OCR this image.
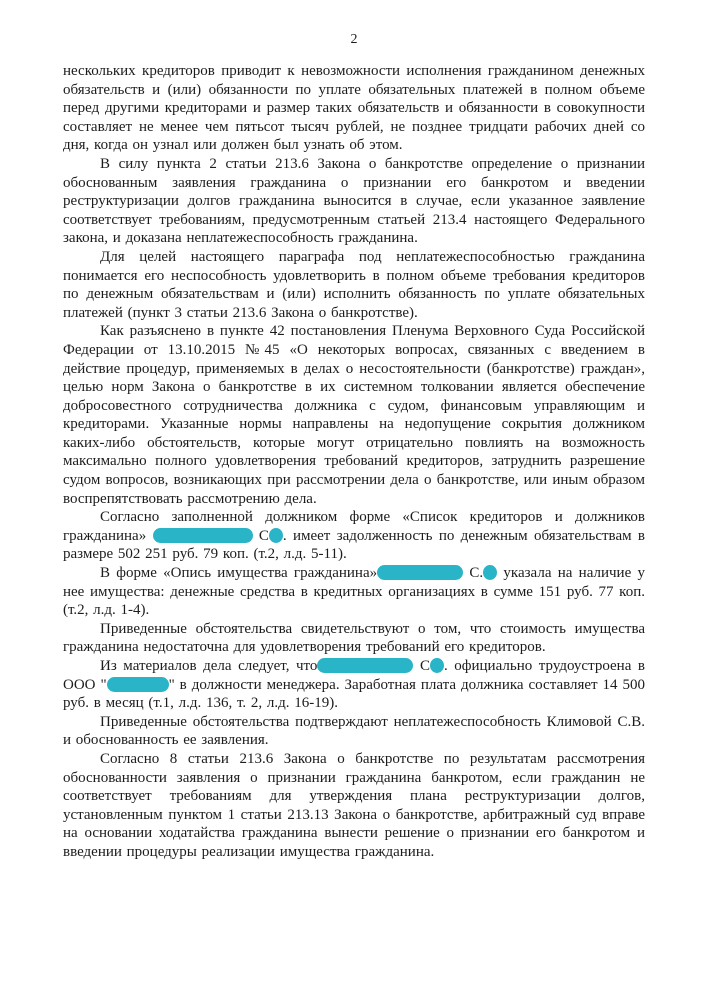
2

нескольких кредиторов приводит к невозможности исполнения гражданином денежных обязательств и (или) обязанности по уплате обязательных платежей в полном объеме перед другими кредиторами и размер таких обязательств и обязанности в совокупности составляет не менее чем пятьсот тысяч рублей, не позднее тридцати рабочих дней со дня, когда он узнал или должен был узнать об этом.

В силу пункта 2 статьи 213.6 Закона о банкротстве определение о признании обоснованным заявления гражданина о признании его банкротом и введении реструктуризации долгов гражданина выносится в случае, если указанное заявление соответствует требованиям, предусмотренным статьей 213.4 настоящего Федерального закона, и доказана неплатежеспособность гражданина.

Для целей настоящего параграфа под неплатежеспособностью гражданина понимается его неспособность удовлетворить в полном объеме требования кредиторов по денежным обязательствам и (или) исполнить обязанность по уплате обязательных платежей (пункт 3 статьи 213.6 Закона о банкротстве).

Как разъяснено в пункте 42 постановления Пленума Верховного Суда Российской Федерации от 13.10.2015 №45 «О некоторых вопросах, связанных с введением в действие процедур, применяемых в делах о несостоятельности (банкротстве) граждан», целью норм Закона о банкротстве в их системном толковании является обеспечение добросовестного сотрудничества должника с судом, финансовым управляющим и кредиторами. Указанные нормы направлены на недопущение сокрытия должником каких-либо обстоятельств, которые могут отрицательно повлиять на возможность максимально полного удовлетворения требований кредиторов, затруднить разрешение судом вопросов, возникающих при рассмотрении дела о банкротстве, или иным образом воспрепятствовать рассмотрению дела.

Согласно заполненной должником форме «Список кредиторов и должников гражданина»	С . имеет задолженность по денежным обязательствам в размере 502 251 руб. 79 коп. (т.2, л.д. 5-11).

В форме «Опись имущества гражданина»	С. указала на наличие у нее имущества: денежные средства в кредитных организациях в сумме 151 руб. 77 коп. (т.2, л.д. 1-4).

Приведенные обстоятельства свидетельствуют о том, что стоимость имущества гражданина недостаточна для удовлетворения требований его кредиторов.

Из материалов дела следует, что	С . официально трудоустроена в ООО "	" в должности менеджера. Заработная плата должника составляет 14 500 руб. в месяц (т.1, л.д. 136, т. 2, л.д. 16-19).

Приведенные обстоятельства подтверждают неплатежеспособность Климовой С.В. и обоснованность ее заявления.

Согласно 8 статьи 213.6 Закона о банкротстве по результатам рассмотрения обоснованности заявления о признании гражданина банкротом, если гражданин не соответствует требованиям для утверждения плана реструктуризации долгов, установленным пунктом 1 статьи 213.13 Закона о банкротстве, арбитражный суд вправе на основании ходатайства гражданина вынести решение о признании его банкротом и введении процедуры реализации имущества гражданина.
